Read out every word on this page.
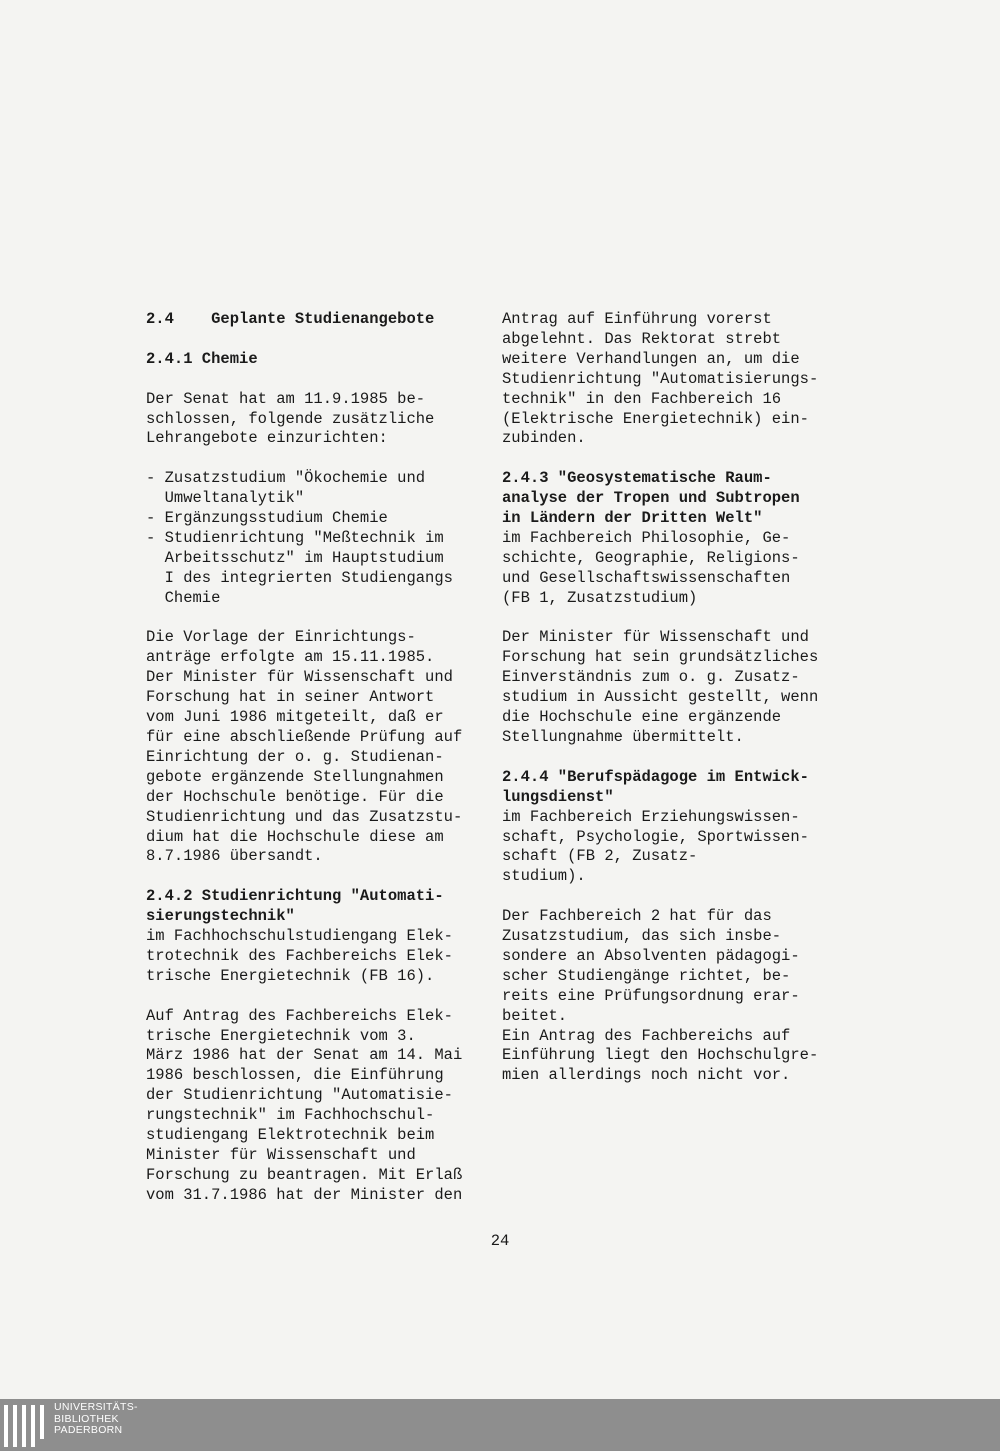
2.4    Geplante Studienangebote
2.4.1 Chemie
Der Senat hat am 11.9.1985 be-
schlossen, folgende zusätzliche
Lehrangebote einzurichten:
- Zusatzstudium "Ökochemie und
Umweltanalytik"
- Ergänzungsstudium Chemie
- Studienrichtung "Meßtechnik im
Arbeitsschutz" im Hauptstudium
I des integrierten Studiengangs
Chemie
Die Vorlage der Einrichtungs-
anträge erfolgte am 15.11.1985.
Der Minister für Wissenschaft und
Forschung hat in seiner Antwort
vom Juni 1986 mitgeteilt, daß er
für eine abschließende Prüfung auf
Einrichtung der o. g. Studienan-
gebote ergänzende Stellungnahmen
der Hochschule benötige. Für die
Studienrichtung und das Zusatzstu-
dium hat die Hochschule diese am
8.7.1986 übersandt.
2.4.2 Studienrichtung "Automati-
sierungstechnik"
im Fachhochschulstudiengang Elek-
trotechnik des Fachbereichs Elek-
trische Energietechnik (FB 16).
Auf Antrag des Fachbereichs Elek-
trische Energietechnik vom 3.
März 1986 hat der Senat am 14. Mai
1986 beschlossen, die Einführung
der Studienrichtung "Automatisie-
rungstechnik" im Fachhochschul-
studiengang Elektrotechnik beim
Minister für Wissenschaft und
Forschung zu beantragen. Mit Erlaß
vom 31.7.1986 hat der Minister den
Antrag auf Einführung vorerst
abgelehnt. Das Rektorat strebt
weitere Verhandlungen an, um die
Studienrichtung "Automatisierungs-
technik" in den Fachbereich 16
(Elektrische Energietechnik) ein-
zubinden.
2.4.3 "Geosystematische Raum-
analyse der Tropen und Subtropen
in Ländern der Dritten Welt"
im Fachbereich Philosophie, Ge-
schichte, Geographie, Religions-
und Gesellschaftswissenschaften
(FB 1, Zusatzstudium)
Der Minister für Wissenschaft und
Forschung hat sein grundsätzliches
Einverständnis zum o. g. Zusatz-
studium in Aussicht gestellt, wenn
die Hochschule eine ergänzende
Stellungnahme übermittelt.
2.4.4 "Berufspädagoge im Entwick-
lungsdienst"
im Fachbereich Erziehungswissen-
schaft, Psychologie, Sportwissen-
schaft (FB 2, Zusatz-
studium).
Der Fachbereich 2 hat für das
Zusatzstudium, das sich insbe-
sondere an Absolventen pädagogi-
scher Studiengänge richtet, be-
reits eine Prüfungsordnung erar-
beitet.
Ein Antrag des Fachbereichs auf
Einführung liegt den Hochschulgre-
mien allerdings noch nicht vor.
24
UNIVERSITÄTS-
BIBLIOTHEK
PADERBORN
